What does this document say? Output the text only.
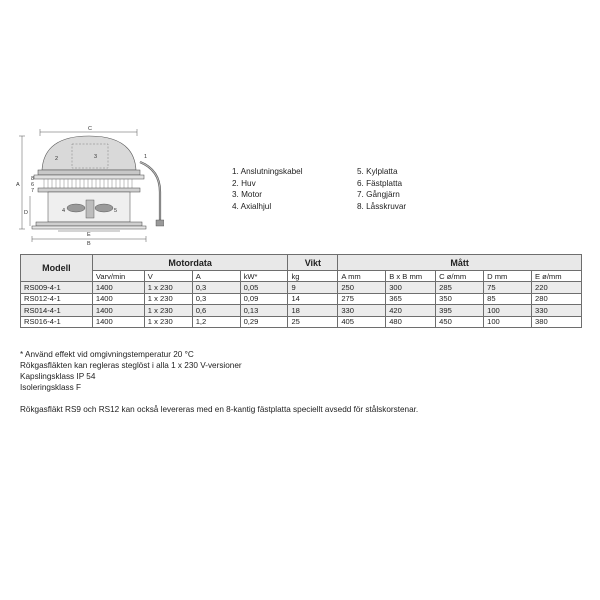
C
2	3
4	5
1
8
6
7
A
D
E
B
1. Anslutningskabel
2. Huv
3. Motor
4. Axialhjul
5. Kylplatta
6. Fästplatta
7. Gångjärn
8. Låsskruvar
Modell	Motordata				Vikt	Mått				
	Varv/min	V	A	kW*	kg	A mm	B x B mm	C ø/mm	D mm	E ø/mm
RS009-4-1	1400	1 x 230	0,3	0,05	9	250	300	285	75	220
RS012-4-1	1400	1 x 230	0,3	0,09	14	275	365	350	85	280
RS014-4-1	1400	1 x 230	0,6	0,13	18	330	420	395	100	330
RS016-4-1	1400	1 x 230	1,2	0,29	25	405	480	450	100	380
* Använd effekt vid omgivningstemperatur 20 °C
Rökgasfläkten kan regleras steglöst i alla 1 x 230 V-versioner
Kapslingsklass IP 54
Isoleringsklass F
Rökgasfläkt RS9 och RS12 kan också levereras med en 8-kantig fästplatta speciellt avsedd för stålskorstenar.
